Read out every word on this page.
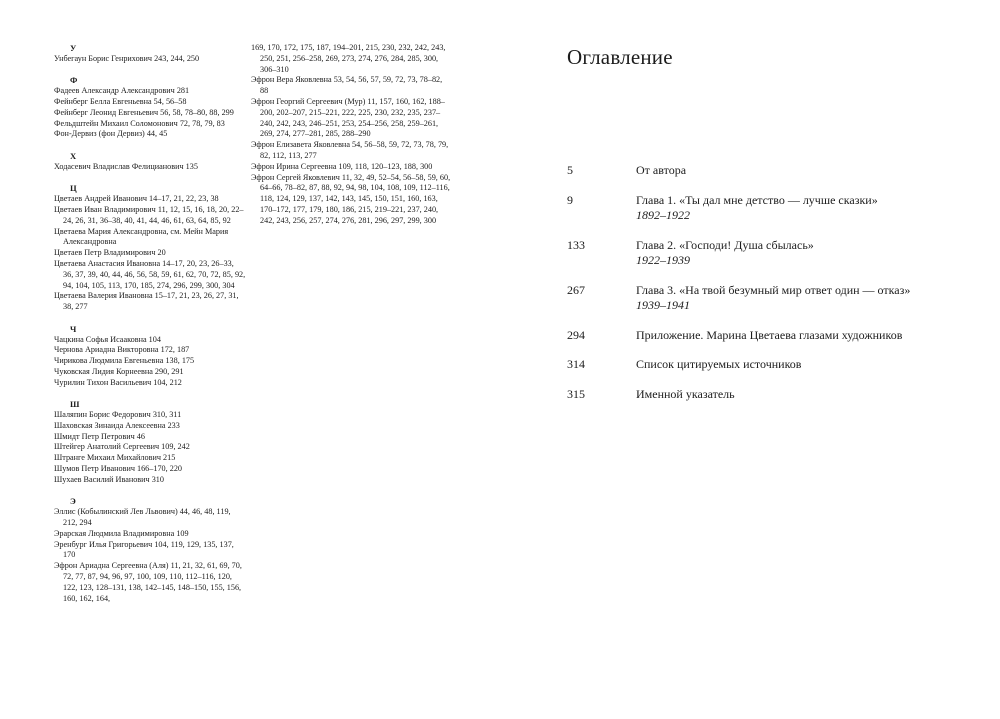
У
Унбегаун Борис Генрихович 243, 244, 250
Ф
Фадеев Александр Александрович 281
Фейнберг Белла Евгеньевна 54, 56–58
Фейнберг Леонид Евгеньевич 56, 58, 78–80, 88, 299
Фельдштейн Михаил Соломонович 72, 78, 79, 83
Фон-Дервиз (фон Дервиз) 44, 45
Х
Ходасевич Владислав Фелицианович 135
Ц
Цветаев Андрей Иванович 14–17, 21, 22, 23, 38
Цветаев Иван Владимирович 11, 12, 15, 16, 18, 20, 22–24, 26, 31, 36–38, 40, 41, 44, 46, 61, 63, 64, 85, 92
Цветаева Мария Александровна, см. Мейн Мария Александровна
Цветаев Петр Владимирович 20
Цветаева Анастасия Ивановна 14–17, 20, 23, 26–33, 36, 37, 39, 40, 44, 46, 56, 58, 59, 61, 62, 70, 72, 85, 92, 94, 104, 105, 113, 170, 185, 274, 296, 299, 300, 304
Цветаева Валерия Ивановна 15–17, 21, 23, 26, 27, 31, 38, 277
Ч
Чацкина Софья Исааковна 104
Чернова Ариадна Викторовна 172, 187
Чирикова Людмила Евгеньевна 138, 175
Чуковская Лидия Корнеевна 290, 291
Чурилин Тихон Васильевич 104, 212
Ш
Шаляпин Борис Федорович 310, 311
Шаховская Зинаида Алексеевна 233
Шмидт Петр Петрович 46
Штейгер Анатолий Сергеевич 109, 242
Штранге Михаил Михайлович 215
Шумов Петр Иванович 166–170, 220
Шухаев Василий Иванович 310
Э
Эллис (Кобылинский Лев Львович) 44, 46, 48, 119, 212, 294
Эрарская Людмила Владимировна 109
Эренбург Илья Григорьевич 104, 119, 129, 135, 137, 170
Эфрон Ариадна Сергеевна (Аля) 11, 21, 32, 61, 69, 70, 72, 77, 87, 94, 96, 97, 100, 109, 110, 112–116, 120, 122, 123, 128–131, 138, 142–145, 148–150, 155, 156, 160, 162, 164,
169, 170, 172, 175, 187, 194–201, 215, 230, 232, 242, 243, 250, 251, 256–258, 269, 273, 274, 276, 284, 285, 300, 306–310
Эфрон Вера Яковлевна 53, 54, 56, 57, 59, 72, 73, 78–82, 88
Эфрон Георгий Сергеевич (Мур) 11, 157, 160, 162, 188–200, 202–207, 215–221, 222, 225, 230, 232, 235, 237–240, 242, 243, 246–251, 253, 254–256, 258, 259–261, 269, 274, 277–281, 285, 288–290
Эфрон Елизавета Яковлевна 54, 56–58, 59, 72, 73, 78, 79, 82, 112, 113, 277
Эфрон Ирина Сергеевна 109, 118, 120–123, 188, 300
Эфрон Сергей Яковлевич 11, 32, 49, 52–54, 56–58, 59, 60, 64–66, 78–82, 87, 88, 92, 94, 98, 104, 108, 109, 112–116, 118, 124, 129, 137, 142, 143, 145, 150, 151, 160, 163, 170–172, 177, 179, 180, 186, 215, 219–221, 237, 240, 242, 243, 256, 257, 274, 276, 281, 296, 297, 299, 300
Оглавление
5	От автора
9	Глава 1. «Ты дал мне детство — лучше сказки»
1892–1922
133	Глава 2. «Господи! Душа сбылась»
1922–1939
267	Глава 3. «На твой безумный мир ответ один — отказ»
1939–1941
294	Приложение. Марина Цветаева глазами художников
314	Список цитируемых источников
315	Именной указатель
